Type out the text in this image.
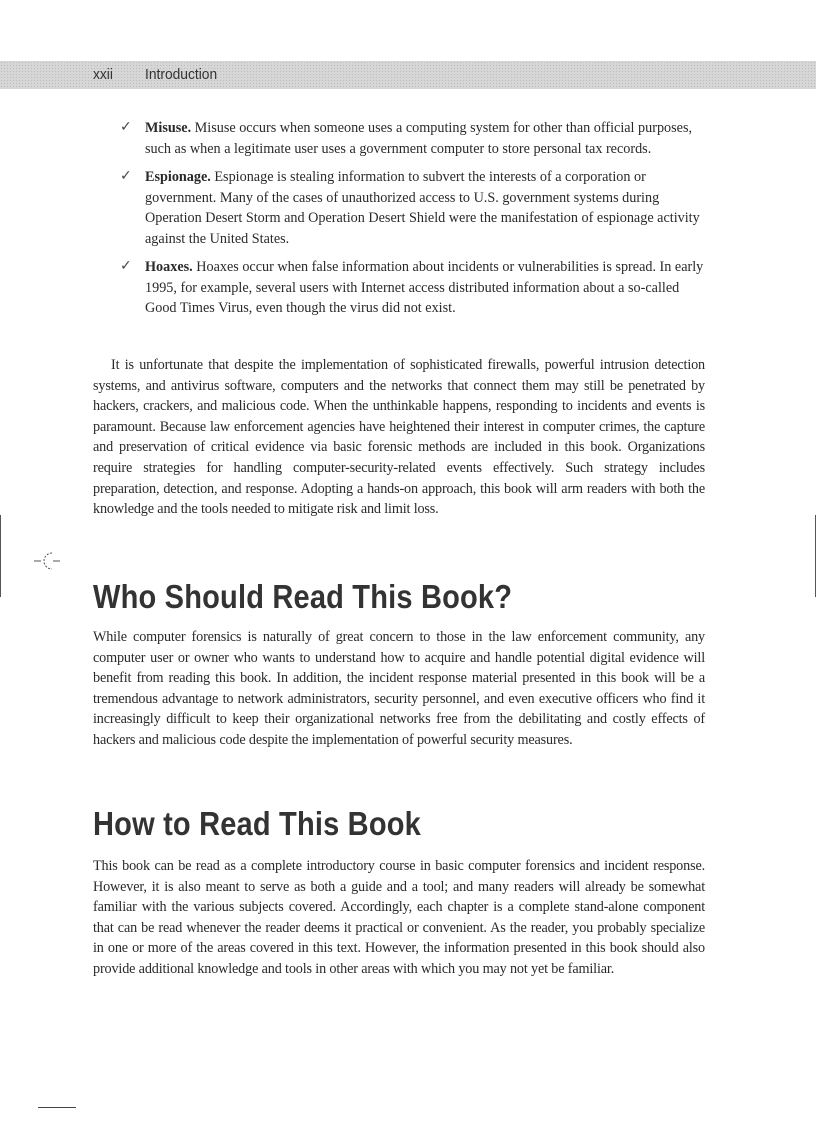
xxii Introduction
✓ Misuse. Misuse occurs when someone uses a computing system for other than official purposes, such as when a legitimate user uses a government computer to store personal tax records.
✓ Espionage. Espionage is stealing information to subvert the interests of a corporation or government. Many of the cases of unauthorized access to U.S. government systems during Operation Desert Storm and Operation Desert Shield were the manifestation of espionage activity against the United States.
✓ Hoaxes. Hoaxes occur when false information about incidents or vulnerabilities is spread. In early 1995, for example, several users with Internet access distributed information about a so-called Good Times Virus, even though the virus did not exist.
It is unfortunate that despite the implementation of sophisticated firewalls, powerful intrusion detection systems, and antivirus software, computers and the networks that connect them may still be penetrated by hackers, crackers, and malicious code. When the unthinkable happens, responding to incidents and events is paramount. Because law enforcement agencies have heightened their interest in computer crimes, the capture and preservation of critical evidence via basic forensic methods are included in this book. Organizations require strategies for handling computer-security-related events effectively. Such strategy includes preparation, detection, and response. Adopting a hands-on approach, this book will arm readers with both the knowledge and the tools needed to mitigate risk and limit loss.
Who Should Read This Book?
While computer forensics is naturally of great concern to those in the law enforcement community, any computer user or owner who wants to understand how to acquire and handle potential digital evidence will benefit from reading this book. In addition, the incident response material presented in this book will be a tremendous advantage to network administrators, security personnel, and even executive officers who find it increasingly difficult to keep their organizational networks free from the debilitating and costly effects of hackers and malicious code despite the implementation of powerful security measures.
How to Read This Book
This book can be read as a complete introductory course in basic computer forensics and incident response. However, it is also meant to serve as both a guide and a tool; and many readers will already be somewhat familiar with the various subjects covered. Accordingly, each chapter is a complete stand-alone component that can be read whenever the reader deems it practical or convenient. As the reader, you probably specialize in one or more of the areas covered in this text. However, the information presented in this book should also provide additional knowledge and tools in other areas with which you may not yet be familiar.
